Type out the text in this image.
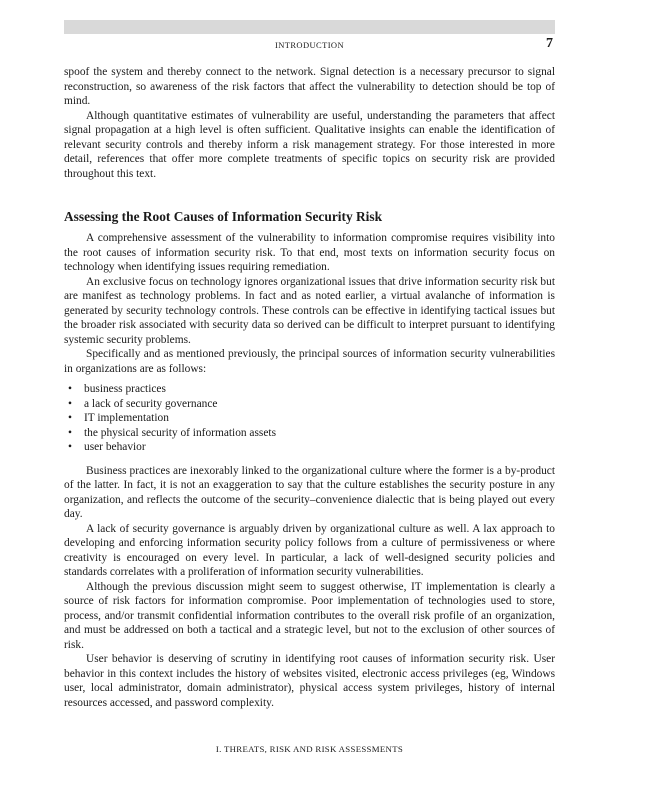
INTRODUCTION	7

spoof the system and thereby connect to the network. Signal detection is a necessary precursor to signal reconstruction, so awareness of the risk factors that affect the vulnerability to detection should be top of mind.

Although quantitative estimates of vulnerability are useful, understanding the parameters that affect signal propagation at a high level is often sufficient. Qualitative insights can enable the identification of relevant security controls and thereby inform a risk management strategy. For those interested in more detail, references that offer more complete treatments of specific topics on security risk are provided throughout this text.

Assessing the Root Causes of Information Security Risk

A comprehensive assessment of the vulnerability to information compromise requires visibility into the root causes of information security risk. To that end, most texts on information security focus on technology when identifying issues requiring remediation.

An exclusive focus on technology ignores organizational issues that drive information security risk but are manifest as technology problems. In fact and as noted earlier, a virtual avalanche of information is generated by security technology controls. These controls can be effective in identifying tactical issues but the broader risk associated with security data so derived can be difficult to interpret pursuant to identifying systemic security problems.

Specifically and as mentioned previously, the principal sources of information security vulnerabilities in organizations are as follows:

• business practices
• a lack of security governance
• IT implementation
• the physical security of information assets
• user behavior

Business practices are inexorably linked to the organizational culture where the former is a by-product of the latter. In fact, it is not an exaggeration to say that the culture establishes the security posture in any organization, and reflects the outcome of the security–convenience dialectic that is being played out every day.

A lack of security governance is arguably driven by organizational culture as well. A lax approach to developing and enforcing information security policy follows from a culture of permissiveness or where creativity is encouraged on every level. In particular, a lack of well-designed security policies and standards correlates with a proliferation of information security vulnerabilities.

Although the previous discussion might seem to suggest otherwise, IT implementation is clearly a source of risk factors for information compromise. Poor implementation of technologies used to store, process, and/or transmit confidential information contributes to the overall risk profile of an organization, and must be addressed on both a tactical and a strategic level, but not to the exclusion of other sources of risk.

User behavior is deserving of scrutiny in identifying root causes of information security risk. User behavior in this context includes the history of websites visited, electronic access privileges (eg, Windows user, local administrator, domain administrator), physical access system privileges, history of internal resources accessed, and password complexity.

I. THREATS, RISK AND RISK ASSESSMENTS
